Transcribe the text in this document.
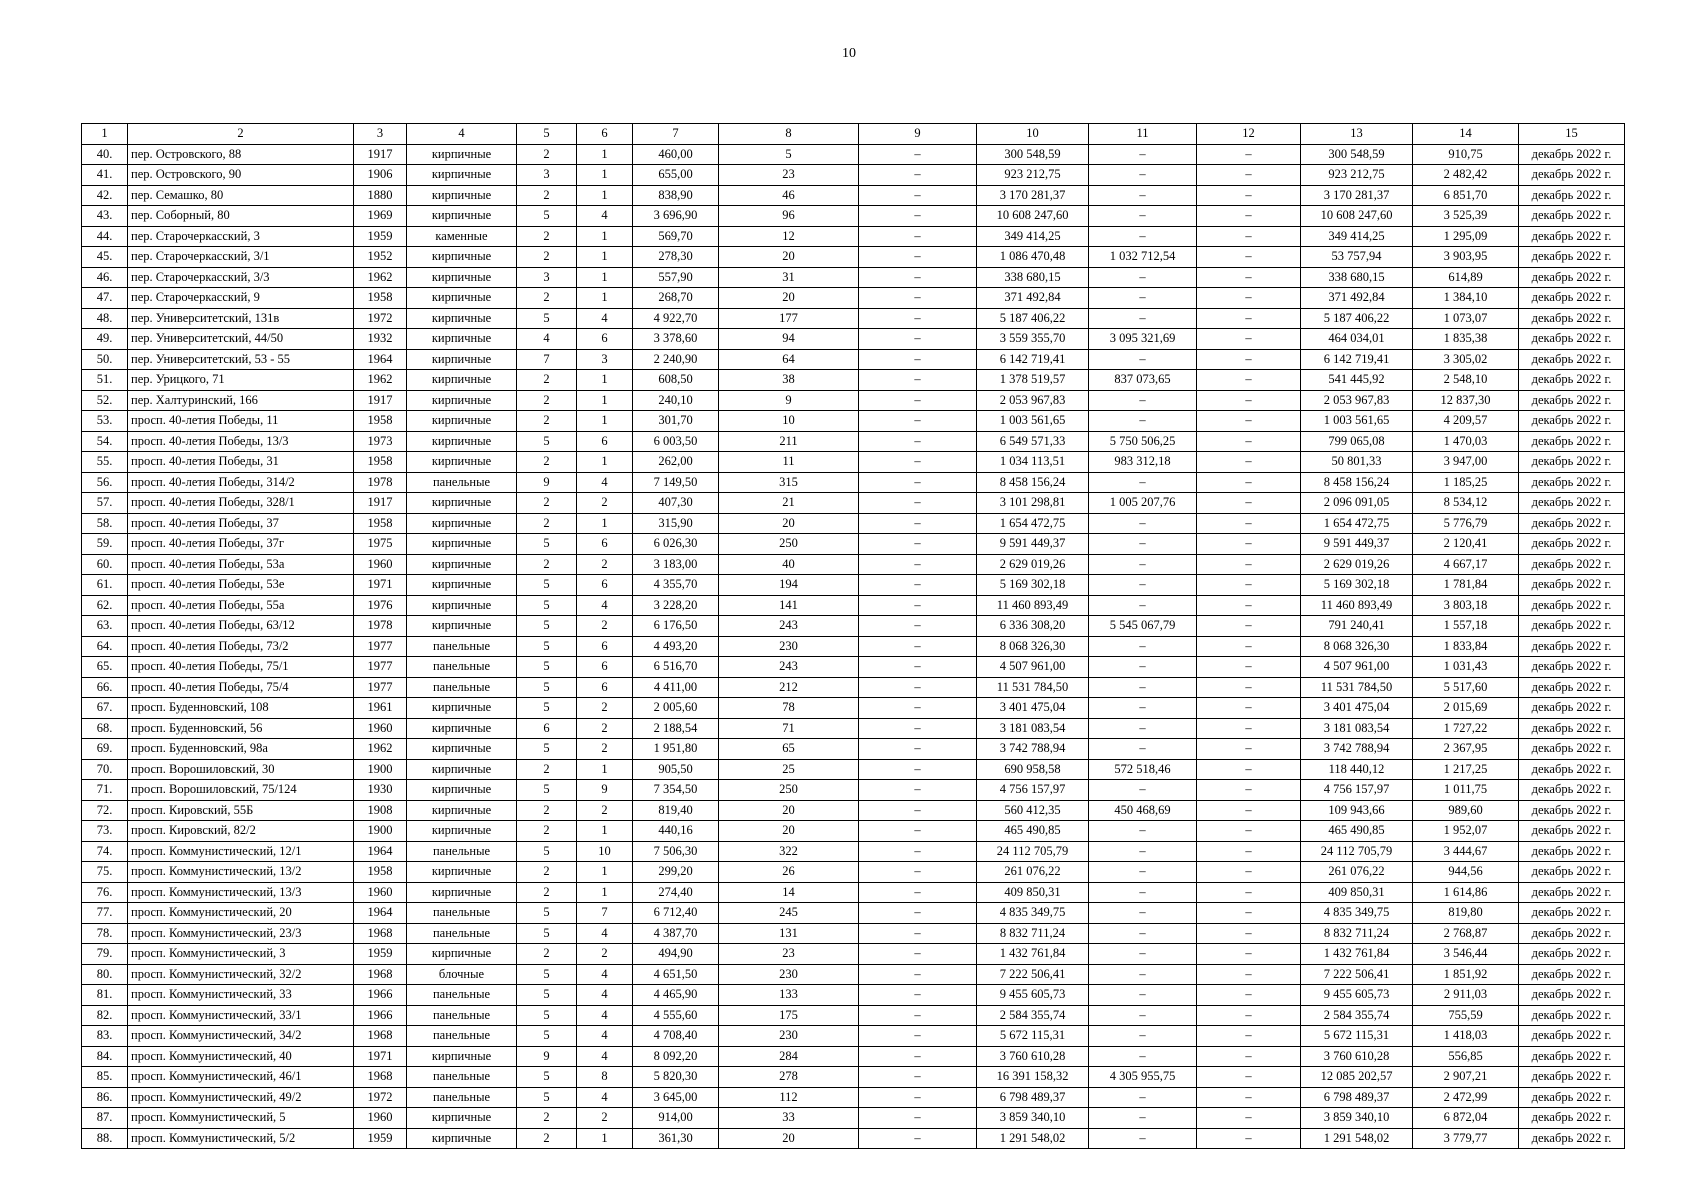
10
1	2	3	4	5	6	7	8	9	10	11	12	13	14	15
40.	пер. Островского, 88	1917	кирпичные	2	1	460,00	5	–	300 548,59	–	–	300 548,59	910,75	декабрь 2022 г.
41.	пер. Островского, 90	1906	кирпичные	3	1	655,00	23	–	923 212,75	–	–	923 212,75	2 482,42	декабрь 2022 г.
42.	пер. Семашко, 80	1880	кирпичные	2	1	838,90	46	–	3 170 281,37	–	–	3 170 281,37	6 851,70	декабрь 2022 г.
43.	пер. Соборный, 80	1969	кирпичные	5	4	3 696,90	96	–	10 608 247,60	–	–	10 608 247,60	3 525,39	декабрь 2022 г.
44.	пер. Старочеркасский, 3	1959	каменные	2	1	569,70	12	–	349 414,25	–	–	349 414,25	1 295,09	декабрь 2022 г.
45.	пер. Старочеркасский, 3/1	1952	кирпичные	2	1	278,30	20	–	1 086 470,48	1 032 712,54	–	53 757,94	3 903,95	декабрь 2022 г.
46.	пер. Старочеркасский, 3/3	1962	кирпичные	3	1	557,90	31	–	338 680,15	–	–	338 680,15	614,89	декабрь 2022 г.
47.	пер. Старочеркасский, 9	1958	кирпичные	2	1	268,70	20	–	371 492,84	–	–	371 492,84	1 384,10	декабрь 2022 г.
48.	пер. Университетский, 131в	1972	кирпичные	5	4	4 922,70	177	–	5 187 406,22	–	–	5 187 406,22	1 073,07	декабрь 2022 г.
49.	пер. Университетский, 44/50	1932	кирпичные	4	6	3 378,60	94	–	3 559 355,70	3 095 321,69	–	464 034,01	1 835,38	декабрь 2022 г.
50.	пер. Университетский, 53 - 55	1964	кирпичные	7	3	2 240,90	64	–	6 142 719,41	–	–	6 142 719,41	3 305,02	декабрь 2022 г.
51.	пер. Урицкого, 71	1962	кирпичные	2	1	608,50	38	–	1 378 519,57	837 073,65	–	541 445,92	2 548,10	декабрь 2022 г.
52.	пер. Халтуринский, 166	1917	кирпичные	2	1	240,10	9	–	2 053 967,83	–	–	2 053 967,83	12 837,30	декабрь 2022 г.
53.	просп. 40-летия Победы, 11	1958	кирпичные	2	1	301,70	10	–	1 003 561,65	–	–	1 003 561,65	4 209,57	декабрь 2022 г.
54.	просп. 40-летия Победы, 13/3	1973	кирпичные	5	6	6 003,50	211	–	6 549 571,33	5 750 506,25	–	799 065,08	1 470,03	декабрь 2022 г.
55.	просп. 40-летия Победы, 31	1958	кирпичные	2	1	262,00	11	–	1 034 113,51	983 312,18	–	50 801,33	3 947,00	декабрь 2022 г.
56.	просп. 40-летия Победы, 314/2	1978	панельные	9	4	7 149,50	315	–	8 458 156,24	–	–	8 458 156,24	1 185,25	декабрь 2022 г.
57.	просп. 40-летия Победы, 328/1	1917	кирпичные	2	2	407,30	21	–	3 101 298,81	1 005 207,76	–	2 096 091,05	8 534,12	декабрь 2022 г.
58.	просп. 40-летия Победы, 37	1958	кирпичные	2	1	315,90	20	–	1 654 472,75	–	–	1 654 472,75	5 776,79	декабрь 2022 г.
59.	просп. 40-летия Победы, 37г	1975	кирпичные	5	6	6 026,30	250	–	9 591 449,37	–	–	9 591 449,37	2 120,41	декабрь 2022 г.
60.	просп. 40-летия Победы, 53а	1960	кирпичные	2	2	3 183,00	40	–	2 629 019,26	–	–	2 629 019,26	4 667,17	декабрь 2022 г.
61.	просп. 40-летия Победы, 53е	1971	кирпичные	5	6	4 355,70	194	–	5 169 302,18	–	–	5 169 302,18	1 781,84	декабрь 2022 г.
62.	просп. 40-летия Победы, 55а	1976	кирпичные	5	4	3 228,20	141	–	11 460 893,49	–	–	11 460 893,49	3 803,18	декабрь 2022 г.
63.	просп. 40-летия Победы, 63/12	1978	кирпичные	5	2	6 176,50	243	–	6 336 308,20	5 545 067,79	–	791 240,41	1 557,18	декабрь 2022 г.
64.	просп. 40-летия Победы, 73/2	1977	панельные	5	6	4 493,20	230	–	8 068 326,30	–	–	8 068 326,30	1 833,84	декабрь 2022 г.
65.	просп. 40-летия Победы, 75/1	1977	панельные	5	6	6 516,70	243	–	4 507 961,00	–	–	4 507 961,00	1 031,43	декабрь 2022 г.
66.	просп. 40-летия Победы, 75/4	1977	панельные	5	6	4 411,00	212	–	11 531 784,50	–	–	11 531 784,50	5 517,60	декабрь 2022 г.
67.	просп. Буденновский, 108	1961	кирпичные	5	2	2 005,60	78	–	3 401 475,04	–	–	3 401 475,04	2 015,69	декабрь 2022 г.
68.	просп. Буденновский, 56	1960	кирпичные	6	2	2 188,54	71	–	3 181 083,54	–	–	3 181 083,54	1 727,22	декабрь 2022 г.
69.	просп. Буденновский, 98а	1962	кирпичные	5	2	1 951,80	65	–	3 742 788,94	–	–	3 742 788,94	2 367,95	декабрь 2022 г.
70.	просп. Ворошиловский, 30	1900	кирпичные	2	1	905,50	25	–	690 958,58	572 518,46	–	118 440,12	1 217,25	декабрь 2022 г.
71.	просп. Ворошиловский, 75/124	1930	кирпичные	5	9	7 354,50	250	–	4 756 157,97	–	–	4 756 157,97	1 011,75	декабрь 2022 г.
72.	просп. Кировский, 55Б	1908	кирпичные	2	2	819,40	20	–	560 412,35	450 468,69	–	109 943,66	989,60	декабрь 2022 г.
73.	просп. Кировский, 82/2	1900	кирпичные	2	1	440,16	20	–	465 490,85	–	–	465 490,85	1 952,07	декабрь 2022 г.
74.	просп. Коммунистический, 12/1	1964	панельные	5	10	7 506,30	322	–	24 112 705,79	–	–	24 112 705,79	3 444,67	декабрь 2022 г.
75.	просп. Коммунистический, 13/2	1958	кирпичные	2	1	299,20	26	–	261 076,22	–	–	261 076,22	944,56	декабрь 2022 г.
76.	просп. Коммунистический, 13/3	1960	кирпичные	2	1	274,40	14	–	409 850,31	–	–	409 850,31	1 614,86	декабрь 2022 г.
77.	просп. Коммунистический, 20	1964	панельные	5	7	6 712,40	245	–	4 835 349,75	–	–	4 835 349,75	819,80	декабрь 2022 г.
78.	просп. Коммунистический, 23/3	1968	панельные	5	4	4 387,70	131	–	8 832 711,24	–	–	8 832 711,24	2 768,87	декабрь 2022 г.
79.	просп. Коммунистический, 3	1959	кирпичные	2	2	494,90	23	–	1 432 761,84	–	–	1 432 761,84	3 546,44	декабрь 2022 г.
80.	просп. Коммунистический, 32/2	1968	блочные	5	4	4 651,50	230	–	7 222 506,41	–	–	7 222 506,41	1 851,92	декабрь 2022 г.
81.	просп. Коммунистический, 33	1966	панельные	5	4	4 465,90	133	–	9 455 605,73	–	–	9 455 605,73	2 911,03	декабрь 2022 г.
82.	просп. Коммунистический, 33/1	1966	панельные	5	4	4 555,60	175	–	2 584 355,74	–	–	2 584 355,74	755,59	декабрь 2022 г.
83.	просп. Коммунистический, 34/2	1968	панельные	5	4	4 708,40	230	–	5 672 115,31	–	–	5 672 115,31	1 418,03	декабрь 2022 г.
84.	просп. Коммунистический, 40	1971	кирпичные	9	4	8 092,20	284	–	3 760 610,28	–	–	3 760 610,28	556,85	декабрь 2022 г.
85.	просп. Коммунистический, 46/1	1968	панельные	5	8	5 820,30	278	–	16 391 158,32	4 305 955,75	–	12 085 202,57	2 907,21	декабрь 2022 г.
86.	просп. Коммунистический, 49/2	1972	панельные	5	4	3 645,00	112	–	6 798 489,37	–	–	6 798 489,37	2 472,99	декабрь 2022 г.
87.	просп. Коммунистический, 5	1960	кирпичные	2	2	914,00	33	–	3 859 340,10	–	–	3 859 340,10	6 872,04	декабрь 2022 г.
88.	просп. Коммунистический, 5/2	1959	кирпичные	2	1	361,30	20	–	1 291 548,02	–	–	1 291 548,02	3 779,77	декабрь 2022 г.
